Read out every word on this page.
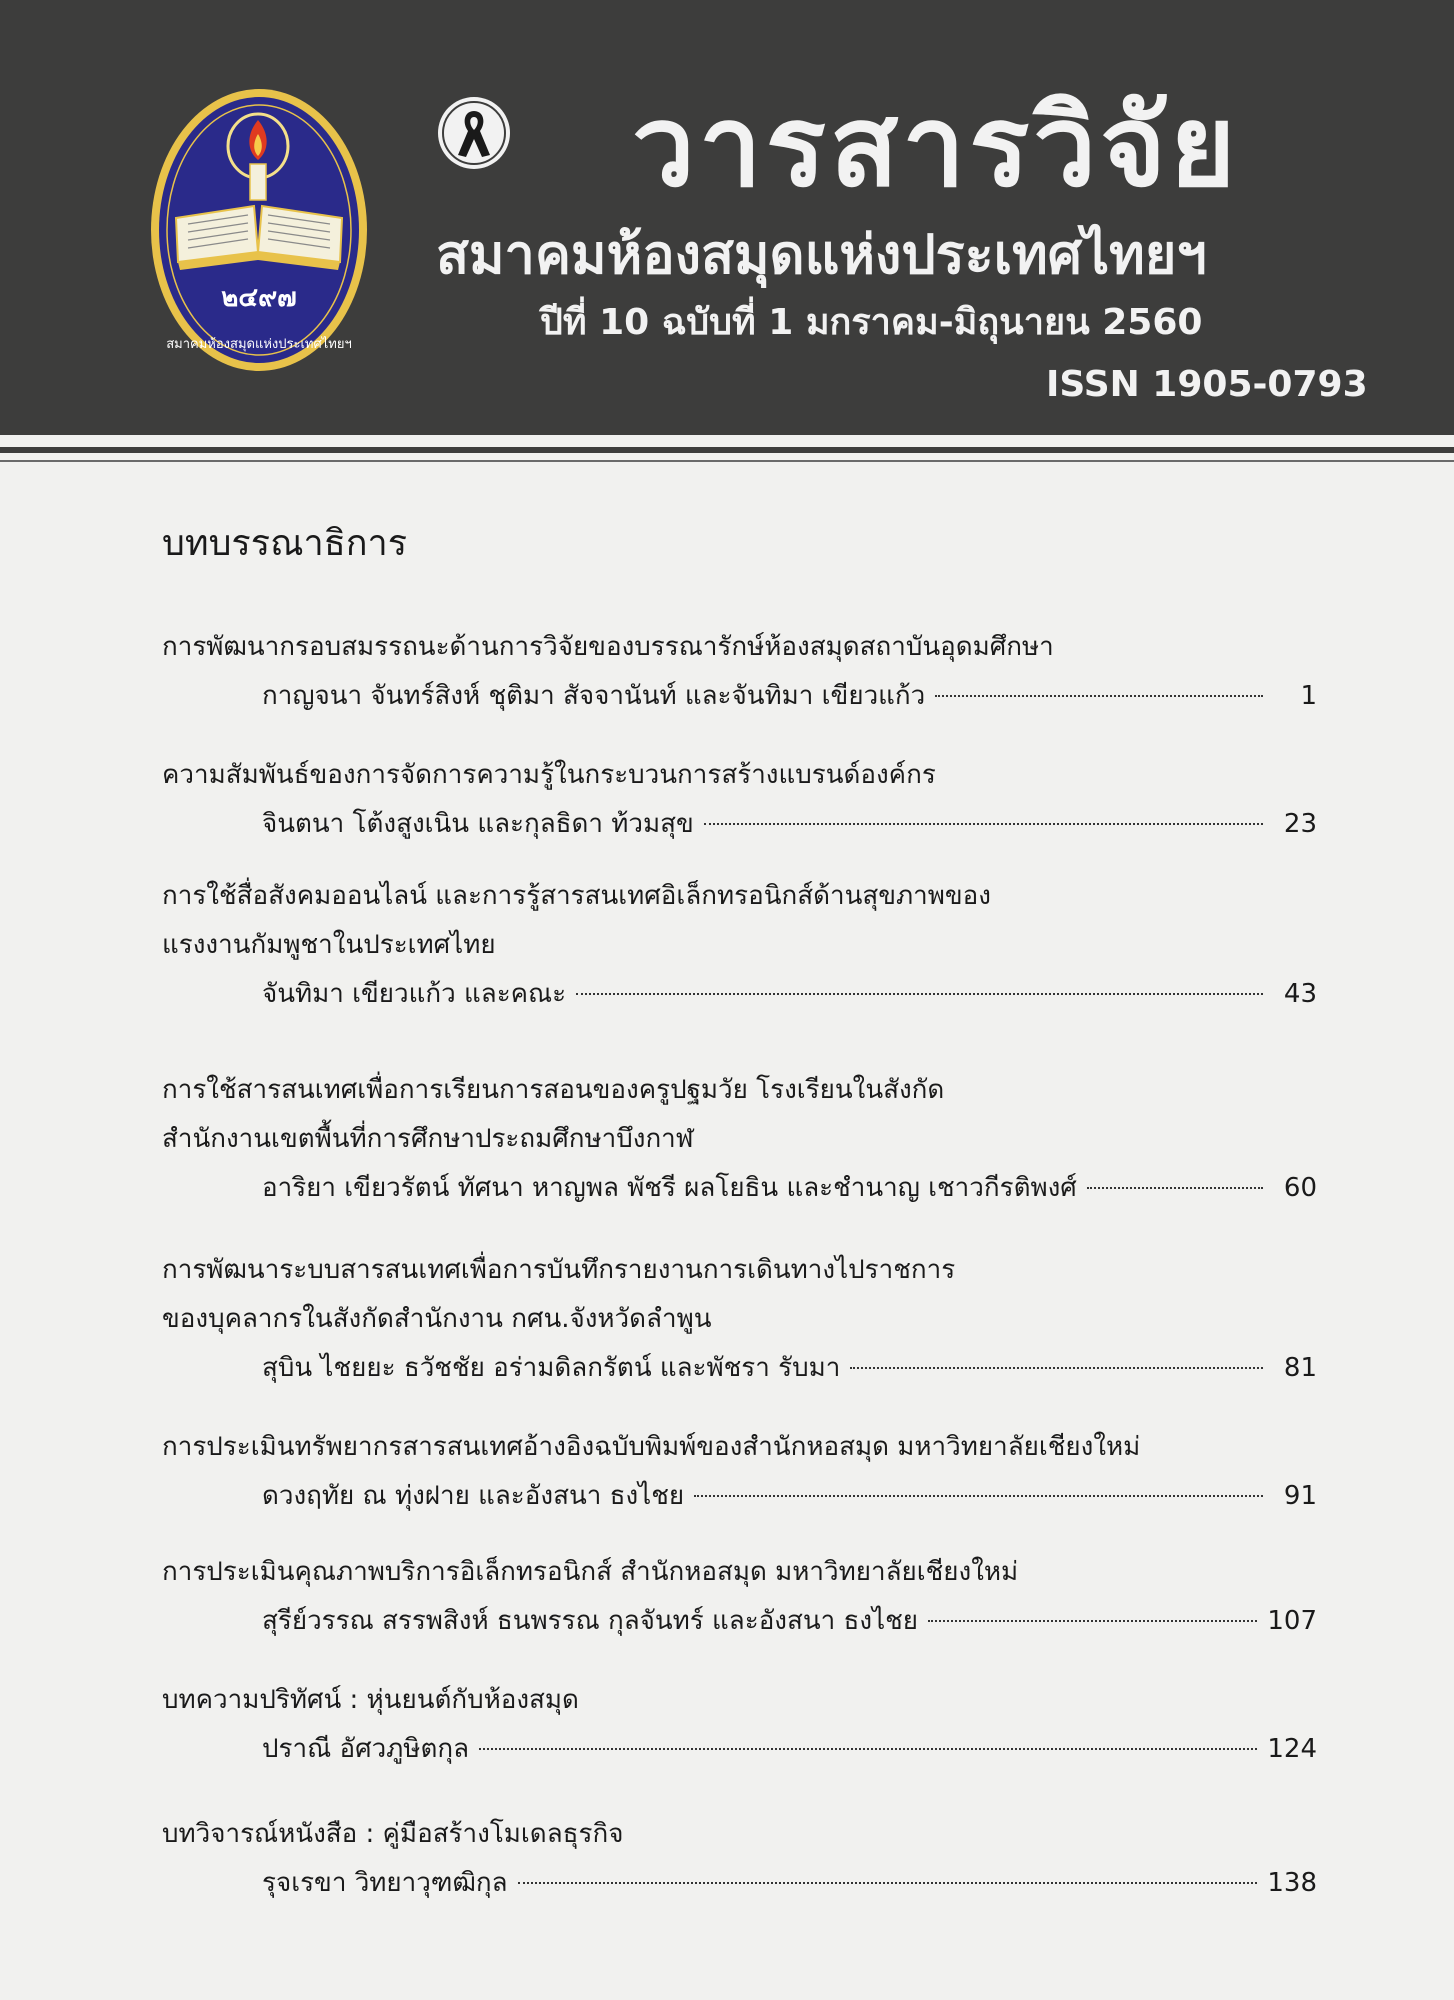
๒๔๙๗
สมาคมห้องสมุดแห่งประเทศไทยฯ
วารสารวิจัย
สมาคมห้องสมุดแห่งประเทศไทยฯ
ปีที่ 10 ฉบับที่ 1 มกราคม-มิถุนายน 2560
ISSN 1905-0793
บทบรรณาธิการ
การพัฒนากรอบสมรรถนะด้านการวิจัยของบรรณารักษ์ห้องสมุดสถาบันอุดมศึกษา
กาญจนา จันทร์สิงห์ ชุติมา สัจจานันท์ และจันทิมา เขียวแก้ว	1
ความสัมพันธ์ของการจัดการความรู้ในกระบวนการสร้างแบรนด์องค์กร
จินตนา โต้งสูงเนิน และกุลธิดา ท้วมสุข	23
การใช้สื่อสังคมออนไลน์ และการรู้สารสนเทศอิเล็กทรอนิกส์ด้านสุขภาพของ
แรงงานกัมพูชาในประเทศไทย
จันทิมา เขียวแก้ว และคณะ	43
การใช้สารสนเทศเพื่อการเรียนการสอนของครูปฐมวัย โรงเรียนในสังกัด
สำนักงานเขตพื้นที่การศึกษาประถมศึกษาบึงกาฬ
อาริยา เขียวรัตน์ ทัศนา หาญพล พัชรี ผลโยธิน และชำนาญ เชาวกีรติพงศ์	60
การพัฒนาระบบสารสนเทศเพื่อการบันทึกรายงานการเดินทางไปราชการ
ของบุคลากรในสังกัดสำนักงาน กศน.จังหวัดลำพูน
สุบิน ไชยยะ ธวัชชัย อร่ามดิลกรัตน์ และพัชรา รับมา	81
การประเมินทรัพยากรสารสนเทศอ้างอิงฉบับพิมพ์ของสำนักหอสมุด มหาวิทยาลัยเชียงใหม่
ดวงฤทัย ณ ทุ่งฝาย และอังสนา ธงไชย	91
การประเมินคุณภาพบริการอิเล็กทรอนิกส์ สำนักหอสมุด มหาวิทยาลัยเชียงใหม่
สุรีย์วรรณ สรรพสิงห์ ธนพรรณ กุลจันทร์ และอังสนา ธงไชย	107
บทความปริทัศน์ : หุ่นยนต์กับห้องสมุด
ปราณี อัศวภูษิตกุล	124
บทวิจารณ์หนังสือ : คู่มือสร้างโมเดลธุรกิจ
รุจเรขา วิทยาวุฑฒิกุล	138
